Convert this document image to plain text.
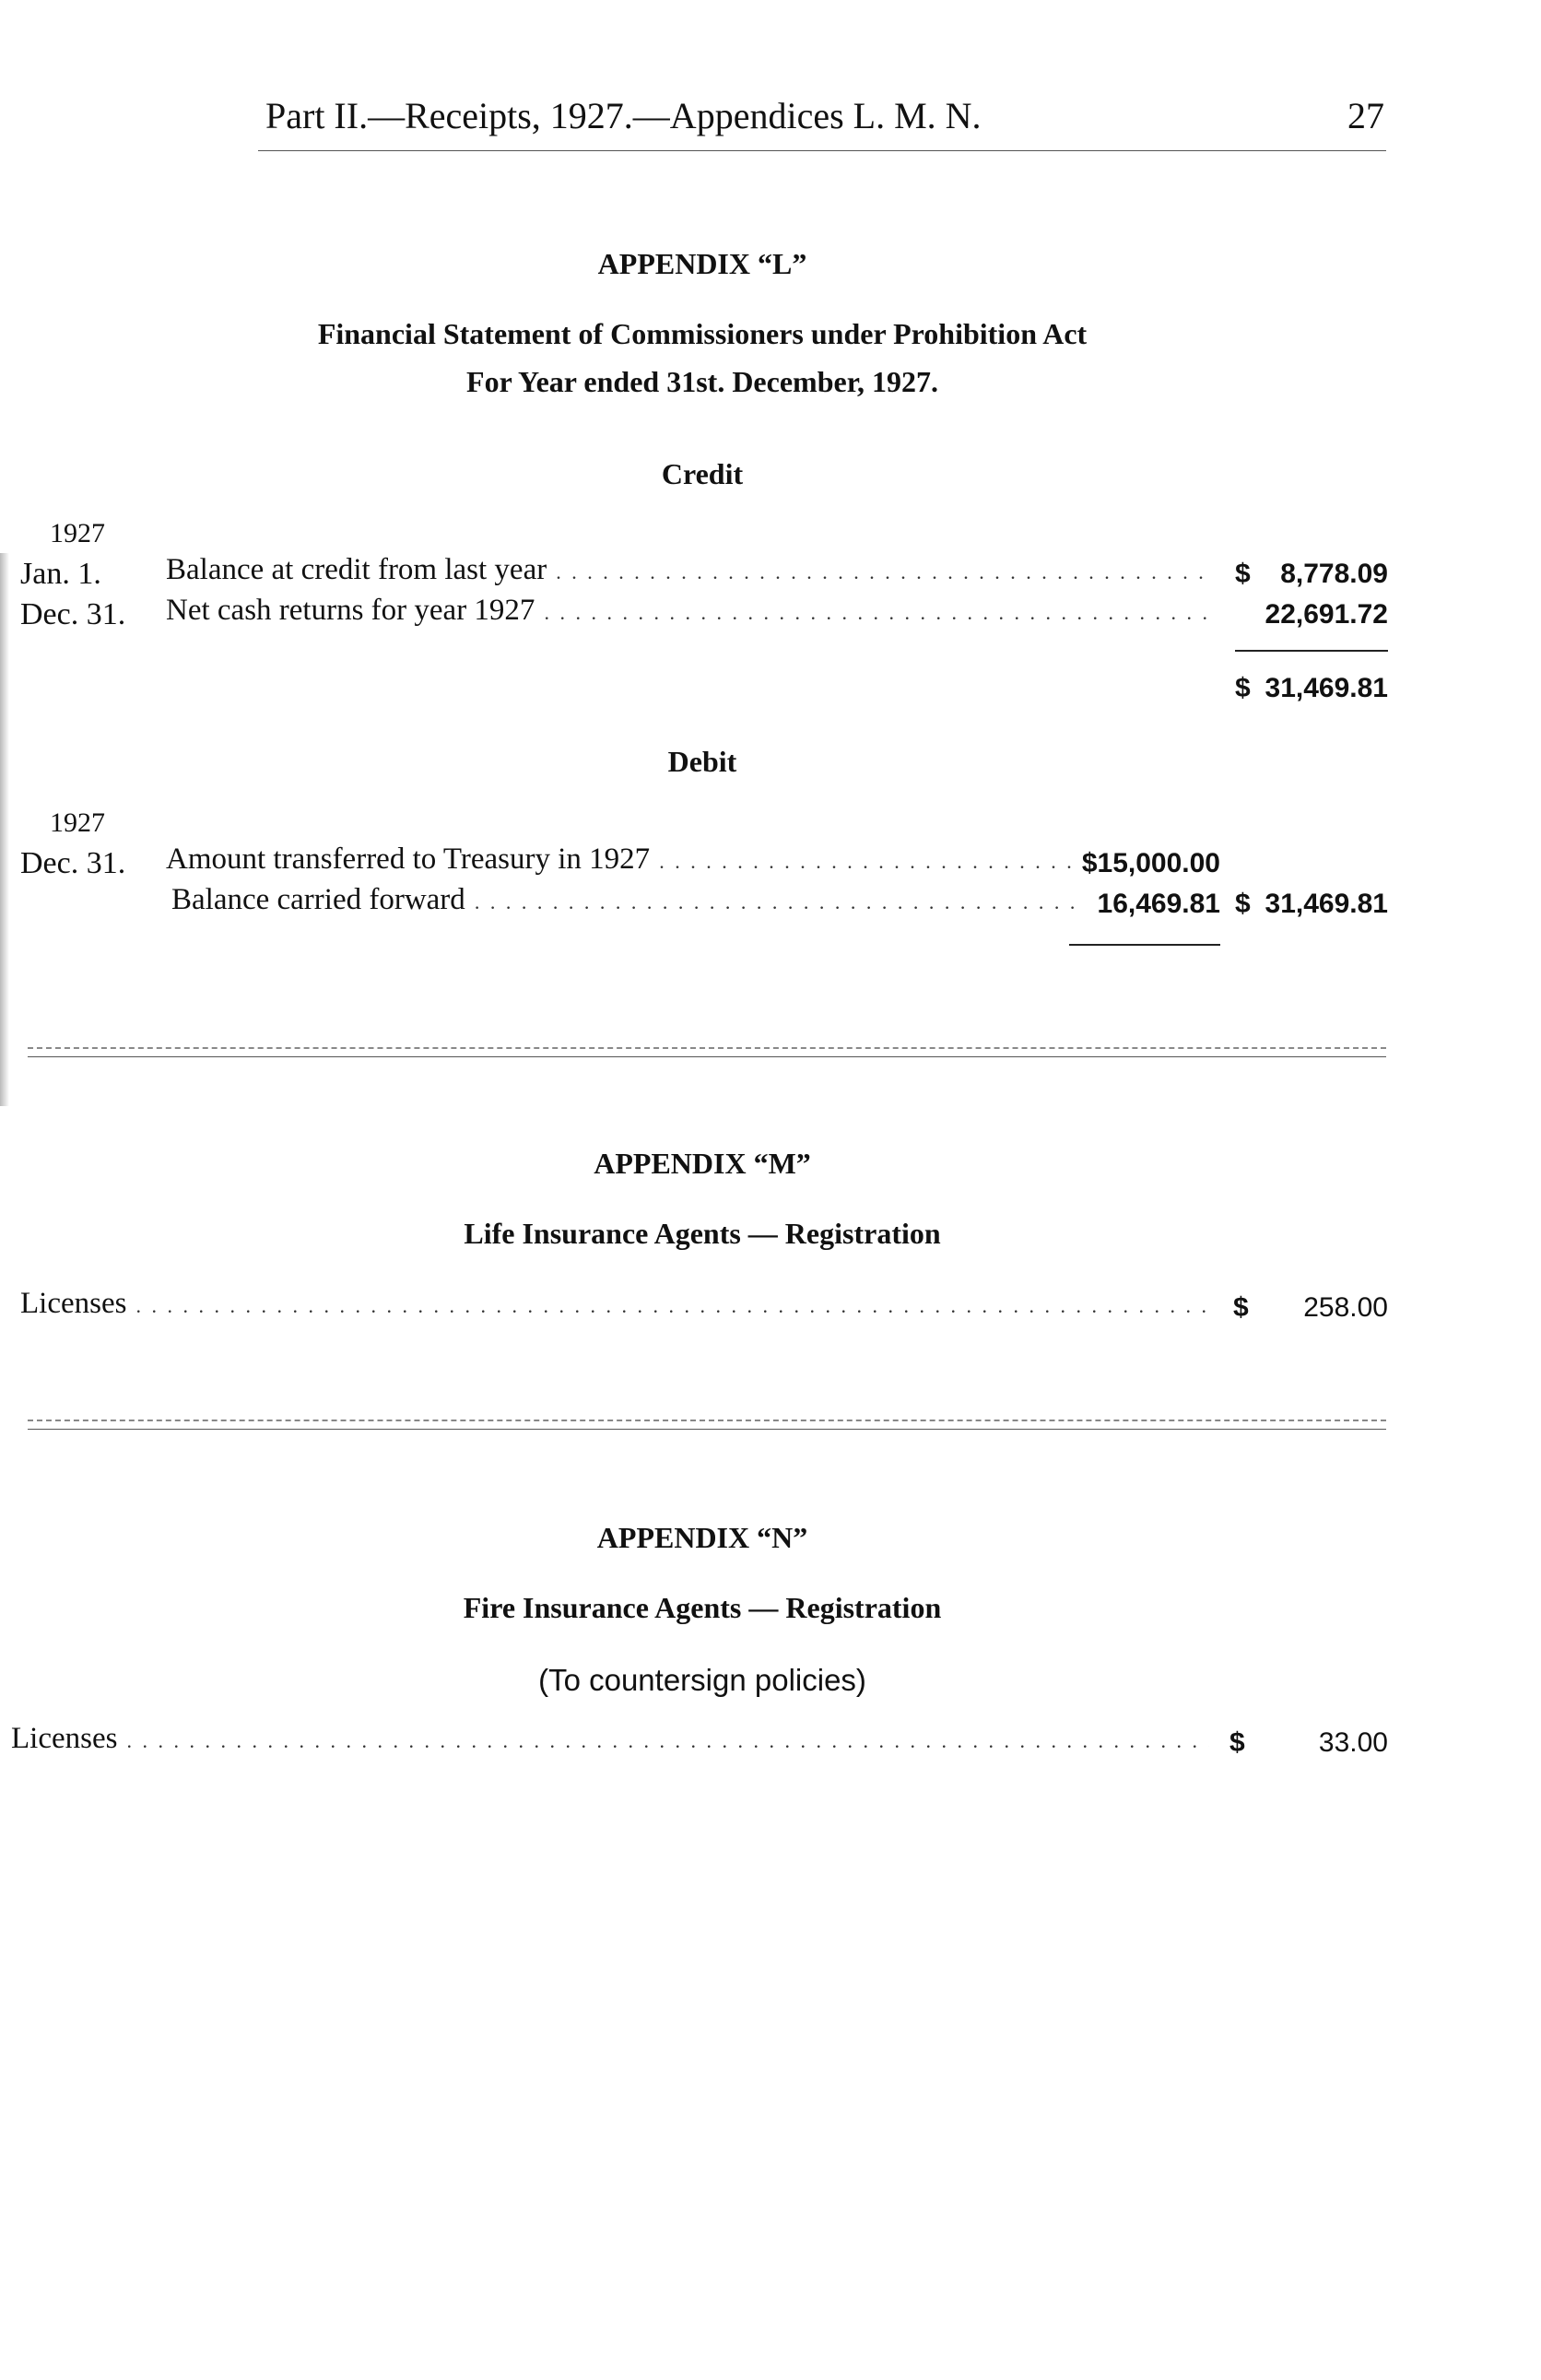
Part II.—Receipts, 1927.—Appendices L. M. N.	27
APPENDIX “L”
Financial Statement of Commissioners under Prohibition Act
For Year ended 31st. December, 1927.
Credit
1927
Jan. 1. Balance at credit from last year . . .	$ 8,778.09
Dec. 31. Net cash returns for year 1927 . . .	22,691.72
$ 31,469.81
Debit
1927
Dec. 31. Amount transferred to Treasury in 1927 . . .	$15,000.00
Balance carried forward . . .	16,469.81 $ 31,469.81
APPENDIX “M”
Life Insurance Agents — Registration
Licenses . . .	$	258.00
APPENDIX “N”
Fire Insurance Agents — Registration
(To countersign policies)
Licenses . . .	$	33.00
